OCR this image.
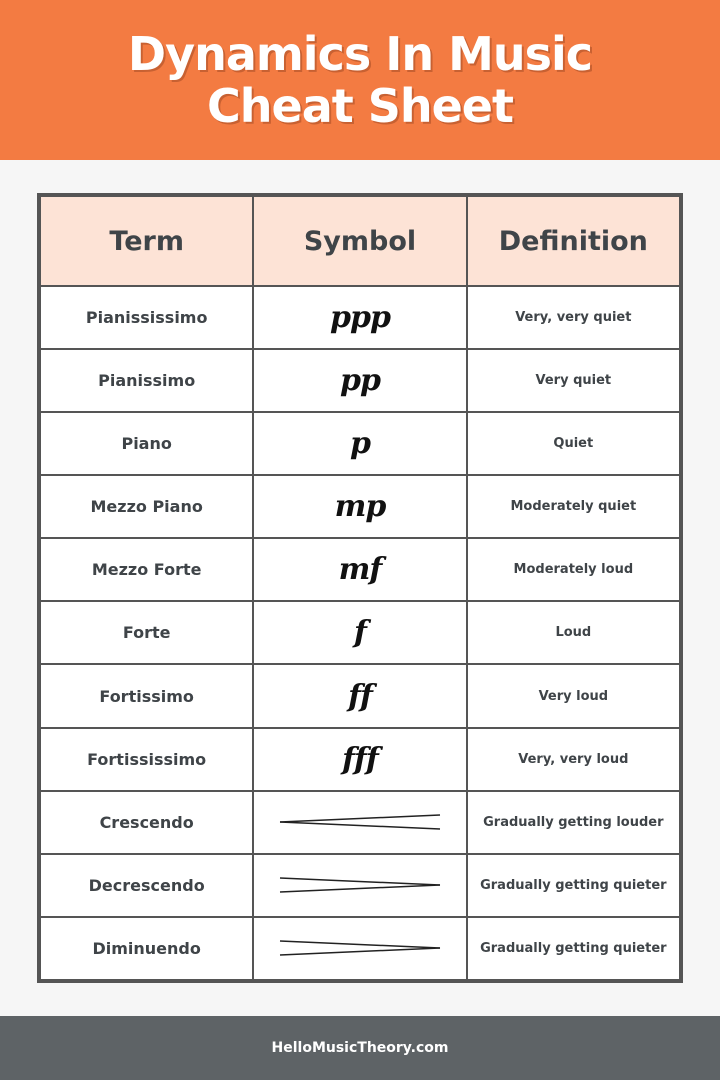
Dynamics In Music
Cheat Sheet
Term	Symbol	Definition
Pianississimo	ppp	Very, very quiet
Pianissimo	pp	Very quiet
Piano	p	Quiet
Mezzo Piano	mp	Moderately quiet
Mezzo Forte	mf	Moderately loud
Forte	f	Loud
Fortissimo	ff	Very loud
Fortississimo	fff	Very, very loud
Crescendo		Gradually getting louder
Decrescendo		Gradually getting quieter
Diminuendo		Gradually getting quieter
HelloMusicTheory.com
